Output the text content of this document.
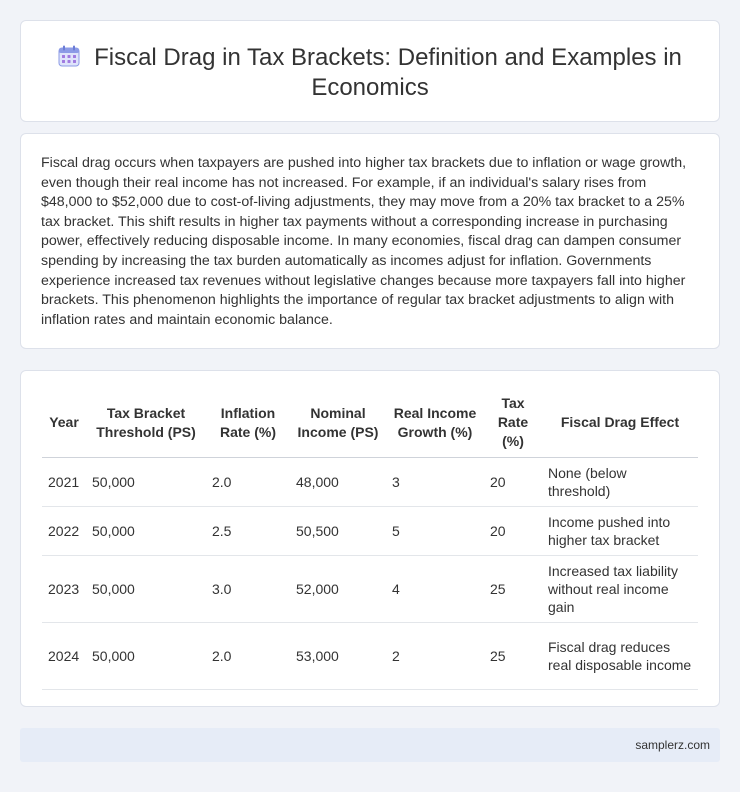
Fiscal Drag in Tax Brackets: Definition and Examples in Economics

Fiscal drag occurs when taxpayers are pushed into higher tax brackets due to inflation or wage growth, even though their real income has not increased. For example, if an individual's salary rises from $48,000 to $52,000 due to cost-of-living adjustments, they may move from a 20% tax bracket to a 25% tax bracket. This shift results in higher tax payments without a corresponding increase in purchasing power, effectively reducing disposable income. In many economies, fiscal drag can dampen consumer spending by increasing the tax burden automatically as incomes adjust for inflation. Governments experience increased tax revenues without legislative changes because more taxpayers fall into higher brackets. This phenomenon highlights the importance of regular tax bracket adjustments to align with inflation rates and maintain economic balance.

Year	Tax Bracket Threshold (PS)	Inflation Rate (%)	Nominal Income (PS)	Real Income Growth (%)	Tax Rate (%)	Fiscal Drag Effect
2021	50,000	2.0	48,000	3	20	None (below threshold)
2022	50,000	2.5	50,500	5	20	Income pushed into higher tax bracket
2023	50,000	3.0	52,000	4	25	Increased tax liability without real income gain
2024	50,000	2.0	53,000	2	25	Fiscal drag reduces real disposable income
samplerz.com
